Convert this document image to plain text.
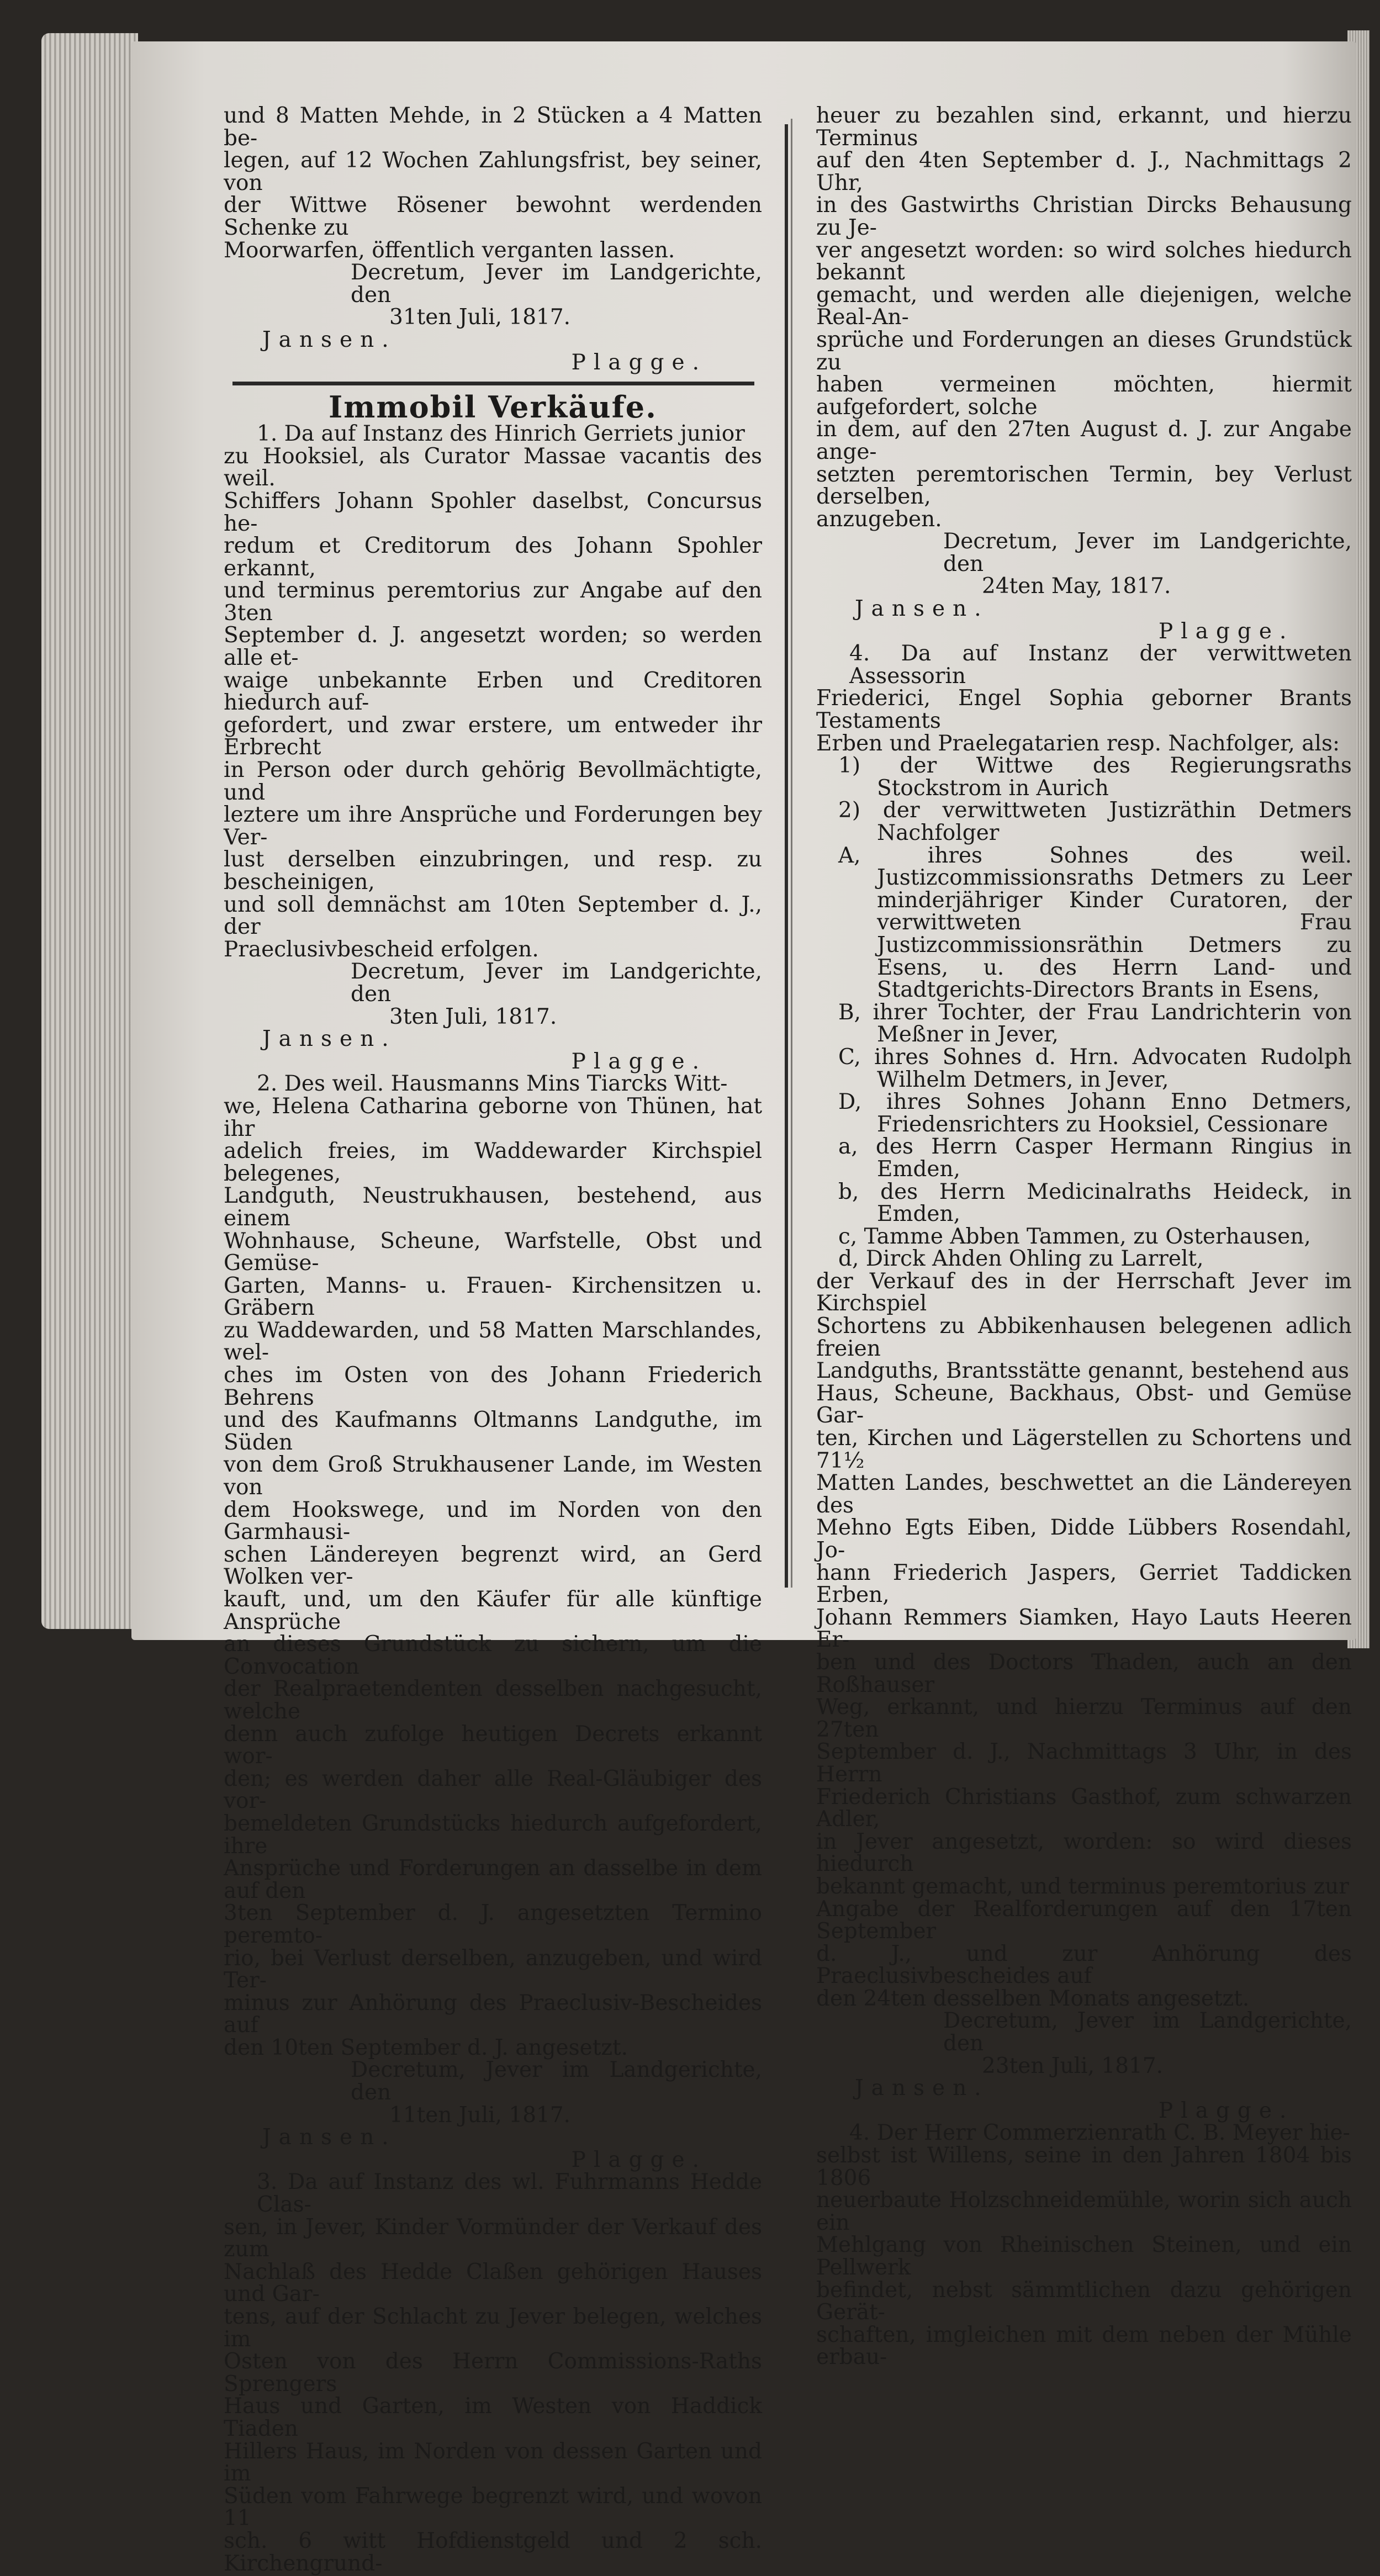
und 8 Matten Mehde, in 2 Stücken a 4 Matten be-

legen, auf 12 Wochen Zahlungsfrist, bey seiner, von

der Wittwe Rösener bewohnt werdenden Schenke zu

Moorwarfen, öffentlich verganten lassen.

Decretum, Jever im Landgerichte, den

31ten Juli, 1817.

Jansen.

Plagge.

Immobil Verkäufe.

1. Da auf Instanz des Hinrich Gerriets junior

zu Hooksiel, als Curator Massae vacantis des weil.

Schiffers Johann Spohler daselbst, Concursus he-

redum et Creditorum des Johann Spohler erkannt,

und terminus peremtorius zur Angabe auf den 3ten

September d. J. angesetzt worden; so werden alle et-

waige unbekannte Erben und Creditoren hiedurch auf-

gefordert, und zwar erstere, um entweder ihr Erbrecht

in Person oder durch gehörig Bevollmächtigte, und

leztere um ihre Ansprüche und Forderungen bey Ver-

lust derselben einzubringen, und resp. zu bescheinigen,

und soll demnächst am 10ten September d. J., der

Praeclusivbescheid erfolgen.

Decretum, Jever im Landgerichte, den

3ten Juli, 1817.

Jansen.

Plagge.

2. Des weil. Hausmanns Mins Tiarcks Witt-

we, Helena Catharina geborne von Thünen, hat ihr

adelich freies, im Waddewarder Kirchspiel belegenes,

Landguth, Neustrukhausen, bestehend, aus einem

Wohnhause, Scheune, Warfstelle, Obst und Gemüse-

Garten, Manns- u. Frauen- Kirchensitzen u. Gräbern

zu Waddewarden, und 58 Matten Marschlandes, wel-

ches im Osten von des Johann Friederich Behrens

und des Kaufmanns Oltmanns Landguthe, im Süden

von dem Groß Strukhausener Lande, im Westen von

dem Hookswege, und im Norden von den Garmhausi-

schen Ländereyen begrenzt wird, an Gerd Wolken ver-

kauft, und, um den Käufer für alle künftige Ansprüche

an dieses Grundstück zu sichern, um die Convocation

der Realpraetendenten desselben nachgesucht, welche

denn auch zufolge heutigen Decrets erkannt wor-

den; es werden daher alle Real-Gläubiger des vor-

bemeldeten Grundstücks hiedurch aufgefordert, ihre

Ansprüche und Forderungen an dasselbe in dem auf den

3ten September d. J. angesetzten Termino peremto-

rio, bei Verlust derselben, anzugeben, und wird Ter-

minus zur Anhörung des Praeclusiv-Bescheides auf

den 10ten September d. J. angesetzt.

Decretum, Jever im Landgerichte, den

11ten Juli, 1817.

Jansen.

Plagge.

3. Da auf Instanz des wl. Fuhrmanns Hedde Clas-

sen, in Jever, Kinder Vormünder der Verkauf des zum

Nachlaß des Hedde Claßen gehörigen Hauses und Gar-

tens, auf der Schlacht zu Jever belegen, welches im

Osten von des Herrn Commissions-Raths Sprengers

Haus und Garten, im Westen von Haddick Tiaden

Hillers Haus, im Norden von dessen Garten und im

Süden vom Fahrwege begrenzt wird, und wovon 11

sch. 6 witt Hofdienstgeld und 2 sch. Kirchengrund-

heuer zu bezahlen sind, erkannt, und hierzu Terminus

auf den 4ten September d. J., Nachmittags 2 Uhr,

in des Gastwirths Christian Dircks Behausung zu Je-

ver angesetzt worden: so wird solches hiedurch bekannt

gemacht, und werden alle diejenigen, welche Real-An-

sprüche und Forderungen an dieses Grundstück zu

haben vermeinen möchten, hiermit aufgefordert, solche

in dem, auf den 27ten August d. J. zur Angabe ange-

setzten peremtorischen Termin, bey Verlust derselben,

anzugeben.

Decretum, Jever im Landgerichte, den

24ten May, 1817.

Jansen.

Plagge.

4. Da auf Instanz der verwittweten Assessorin

Friederici, Engel Sophia geborner Brants Testaments

Erben und Praelegatarien resp. Nachfolger, als:

1) der Wittwe des Regierungsraths Stockstrom in Aurich

2) der verwittweten Justizräthin Detmers Nachfolger

A, ihres Sohnes des weil. Justizcommissionsraths Detmers zu Leer minderjähriger Kinder Curatoren, der verwittweten Frau Justizcommissionsräthin Detmers zu Esens, u. des Herrn Land- und Stadtgerichts-Directors Brants in Esens,

B, ihrer Tochter, der Frau Landrichterin von Meßner in Jever,

C, ihres Sohnes d. Hrn. Advocaten Rudolph Wilhelm Detmers, in Jever,

D, ihres Sohnes Johann Enno Detmers, Friedensrichters zu Hooksiel, Cessionare

a, des Herrn Casper Hermann Ringius in Emden,

b, des Herrn Medicinalraths Heideck, in Emden,

c, Tamme Abben Tammen, zu Osterhausen,

d, Dirck Ahden Ohling zu Larrelt,

der Verkauf des in der Herrschaft Jever im Kirchspiel

Schortens zu Abbikenhausen belegenen adlich freien

Landguths, Brantsstätte genannt, bestehend aus

Haus, Scheune, Backhaus, Obst- und Gemüse Gar-

ten, Kirchen und Lägerstellen zu Schortens und 71½

Matten Landes, beschwettet an die Ländereyen des

Mehno Egts Eiben, Didde Lübbers Rosendahl, Jo-

hann Friederich Jaspers, Gerriet Taddicken Erben,

Johann Remmers Siamken, Hayo Lauts Heeren Er-

ben und des Doctors Thaden, auch an den Roßhauser

Weg, erkannt, und hierzu Terminus auf den 27ten

September d. J., Nachmittags 3 Uhr, in des Herrn

Friederich Christians Gasthof, zum schwarzen Adler,

in Jever angesetzt, worden: so wird dieses hiedurch

bekannt gemacht, und terminus peremtorius zur

Angabe der Realforderungen auf den 17ten September

d. J., und zur Anhörung des Praeclusivbescheides auf

den 24ten desselben Monats angesetzt.

Decretum, Jever im Landgerichte, den

23ten Juli, 1817.

Jansen.

Plagge.

4. Der Herr Commerzienrath C. B. Meyer hie-

selbst ist Willens, seine in den Jahren 1804 bis 1806

neuerbaute Holzschneidemühle, worin sich auch ein

Mehlgang von Rheinischen Steinen, und ein Pellwerk

befindet, nebst sämmtlichen dazu gehörigen Gerät-

schaften, imgleichen mit dem neben der Mühle erbau-
